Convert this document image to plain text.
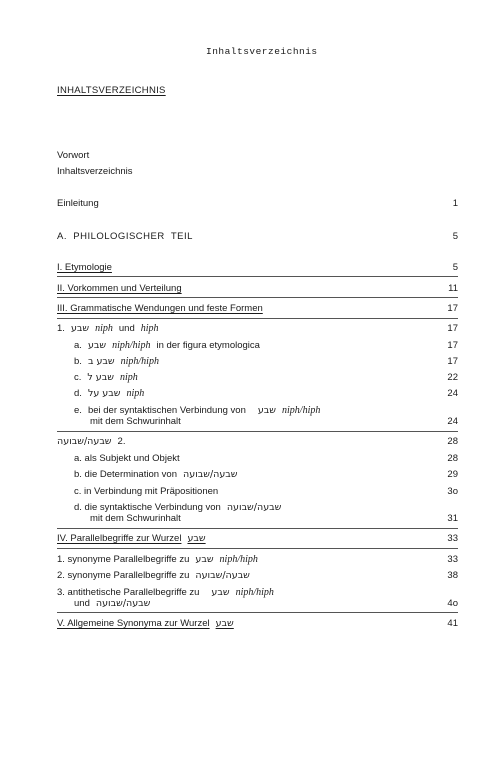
Inhaltsverzeichnis
INHALTSVERZEICHNIS
Vorwort
Inhaltsverzeichnis
Einleitung	1
A.  PHILOLOGISCHER  TEIL	5
I. Etymologie	5
II. Vorkommen und Verteilung	11
III. Grammatische Wendungen und feste Formen	17
1. שבע niph und hiph	17
a. שבע niph/hiph in der figura etymologica	17
b. שבע ב niph/hiph	17
c. שבע ל niph	22
d. שבע על niph	24
e. bei der syntaktischen Verbindung von שבע niph/hiph
mit dem Schwurinhalt	24
שבעה/שבועה 2.	28
a. als Subjekt und Objekt	28
b. die Determination von שבעה/שבועה	29
c. in Verbindung mit Präpositionen	3o
d. die syntaktische Verbindung von שבעה/שבועה
mit dem Schwurinhalt	31
IV. Parallelbegriffe zur Wurzel שבע	33
1. synonyme Parallelbegriffe zu שבע niph/hiph	33
2. synonyme Parallelbegriffe zu שבעה/שבועה	38
3. antithetische Parallelbegriffe zu שבע niph/hiph
und שבעה/שבועה	4o
V. Allgemeine Synonyma zur Wurzel שבע	41
